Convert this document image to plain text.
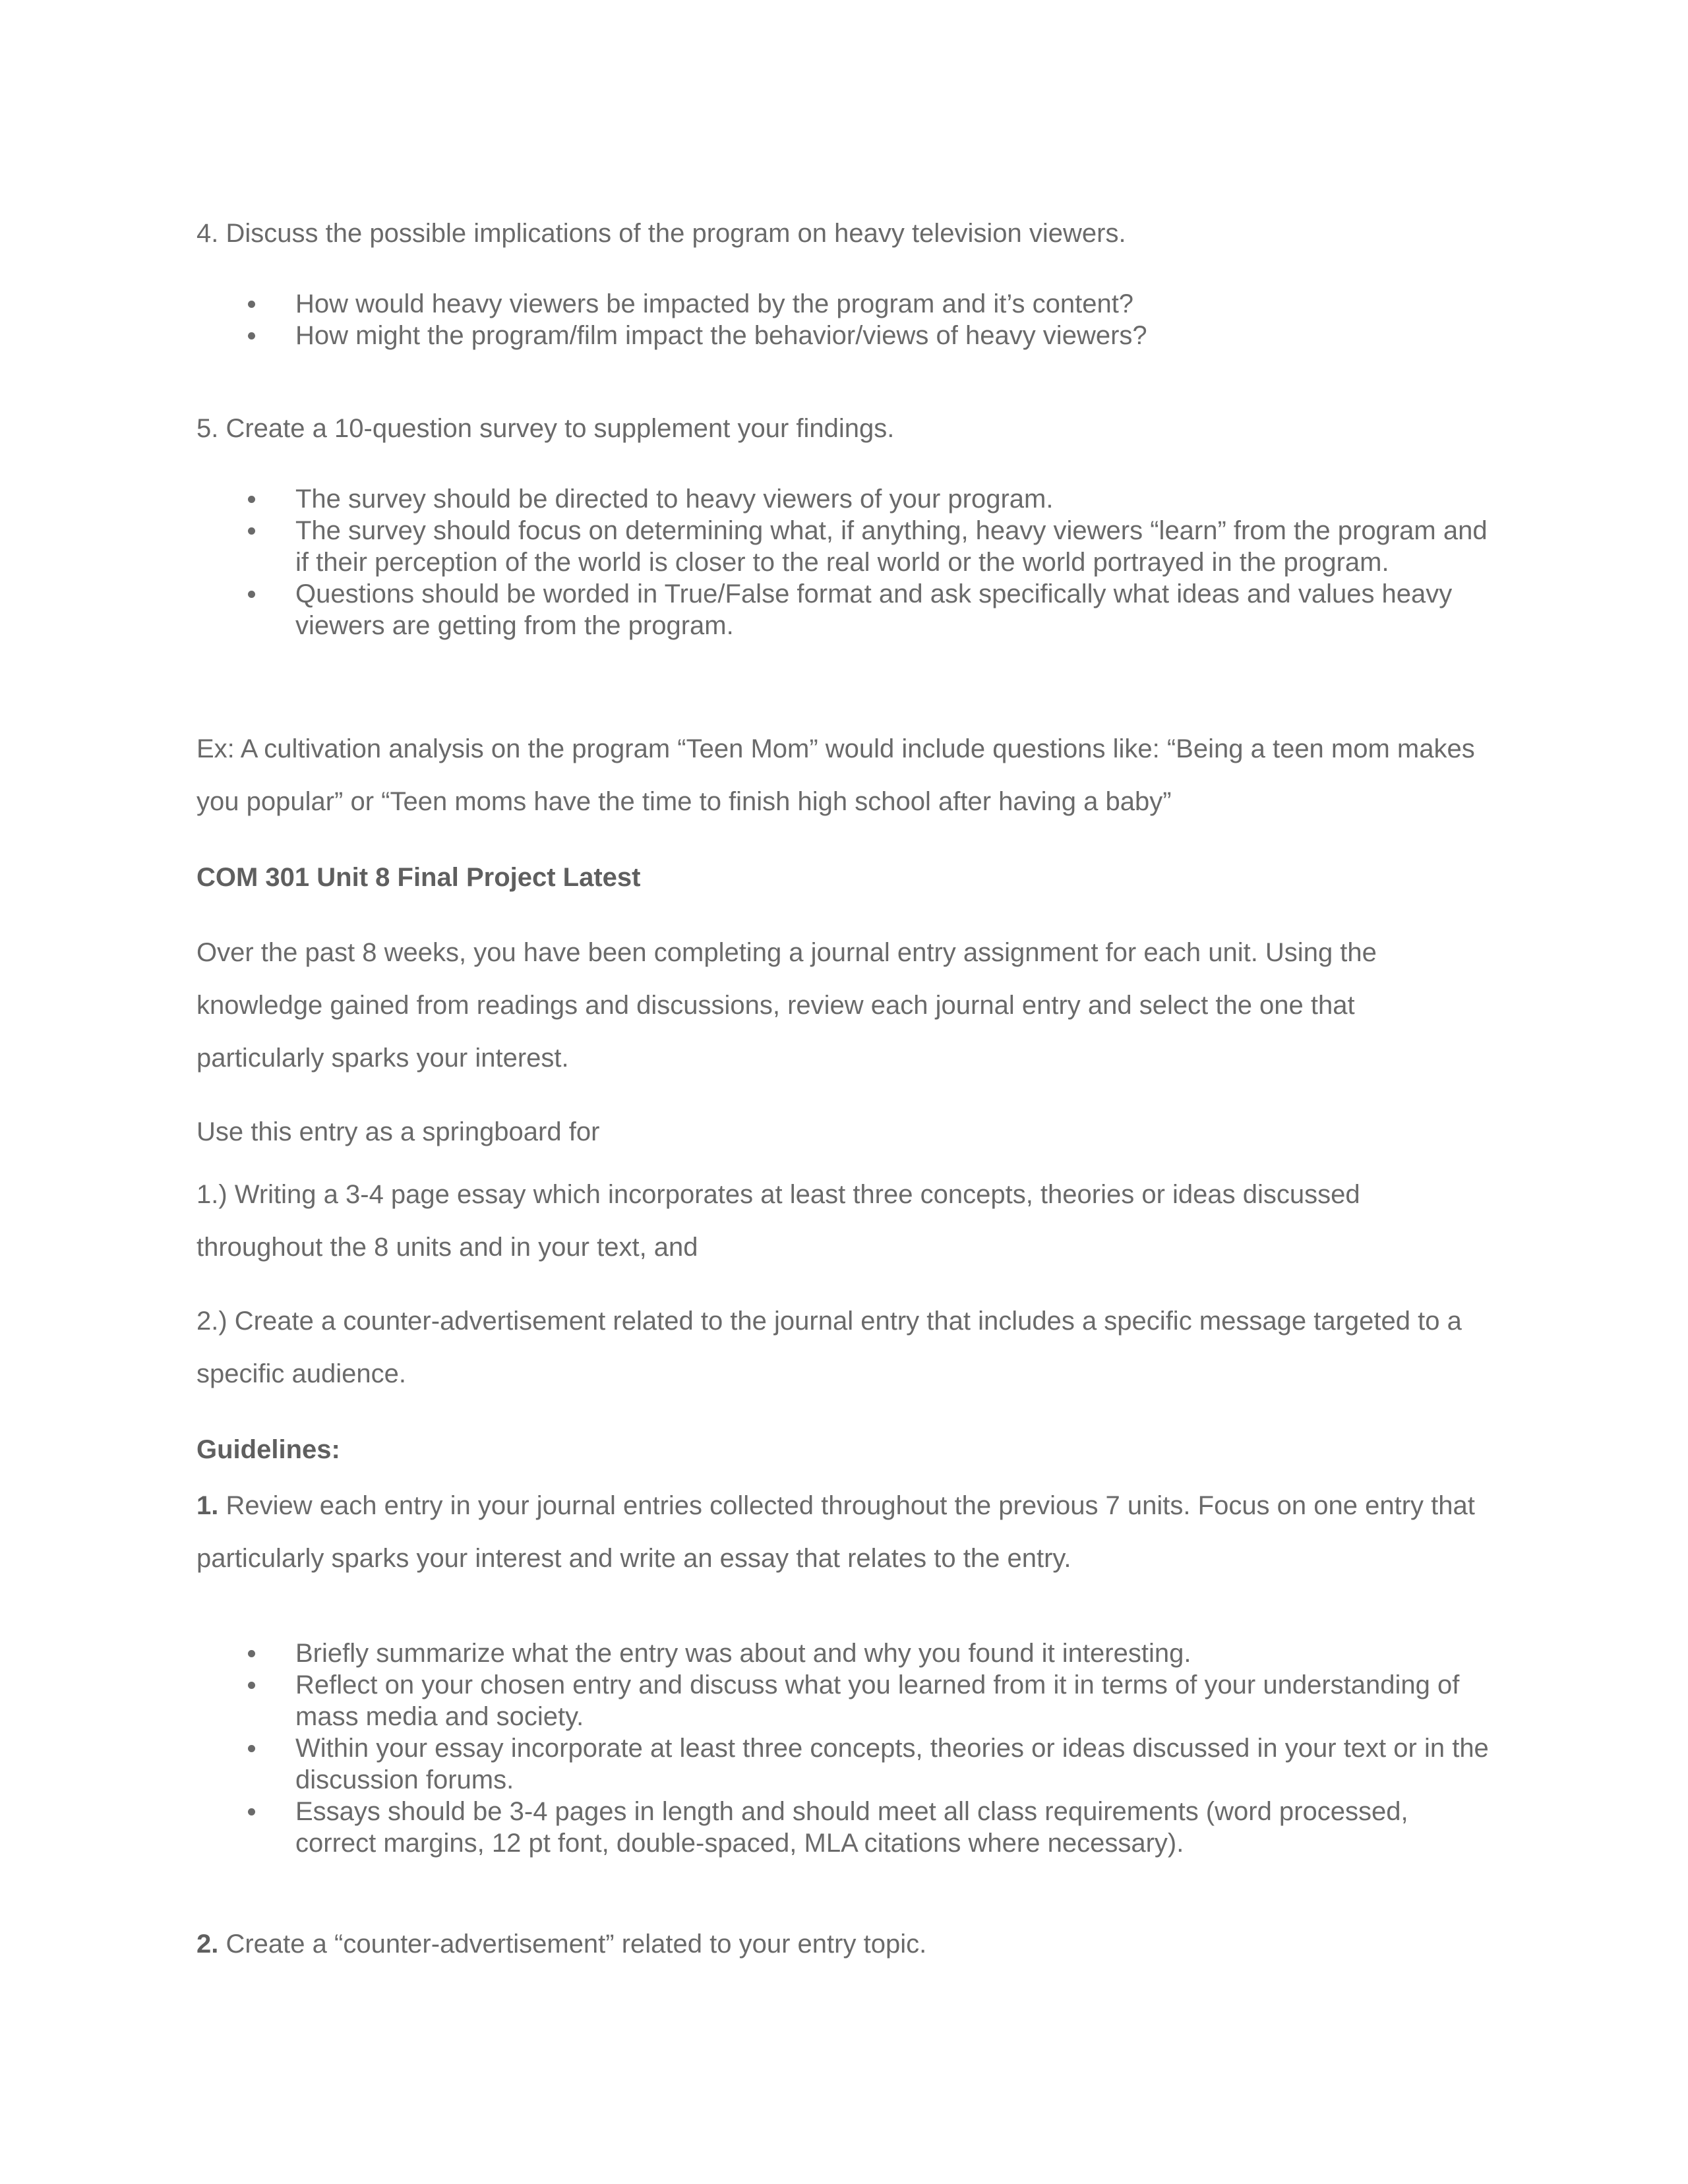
4. Discuss the possible implications of the program on heavy television viewers.

How would heavy viewers be impacted by the program and it’s content?
How might the program/film impact the behavior/views of heavy viewers?

5. Create a 10-question survey to supplement your findings.

The survey should be directed to heavy viewers of your program.
The survey should focus on determining what, if anything, heavy viewers “learn” from the program and if their perception of the world is closer to the real world or the world portrayed in the program.
Questions should be worded in True/False format and ask specifically what ideas and values heavy viewers are getting from the program.

Ex: A cultivation analysis on the program “Teen Mom” would include questions like: “Being a teen mom makes you popular” or “Teen moms have the time to finish high school after having a baby”

COM 301 Unit 8 Final Project Latest

Over the past 8 weeks, you have been completing a journal entry assignment for each unit. Using the knowledge gained from readings and discussions, review each journal entry and select the one that particularly sparks your interest.

Use this entry as a springboard for

1.) Writing a 3-4 page essay which incorporates at least three concepts, theories or ideas discussed throughout the 8 units and in your text, and

2.) Create a counter-advertisement related to the journal entry that includes a specific message targeted to a specific audience.

Guidelines:

1. Review each entry in your journal entries collected throughout the previous 7 units. Focus on one entry that particularly sparks your interest and write an essay that relates to the entry.

Briefly summarize what the entry was about and why you found it interesting.
Reflect on your chosen entry and discuss what you learned from it in terms of your understanding of mass media and society.
Within your essay incorporate at least three concepts, theories or ideas discussed in your text or in the discussion forums.
Essays should be 3-4 pages in length and should meet all class requirements (word processed, correct margins, 12 pt font, double-spaced, MLA citations where necessary).

2. Create a “counter-advertisement” related to your entry topic.
